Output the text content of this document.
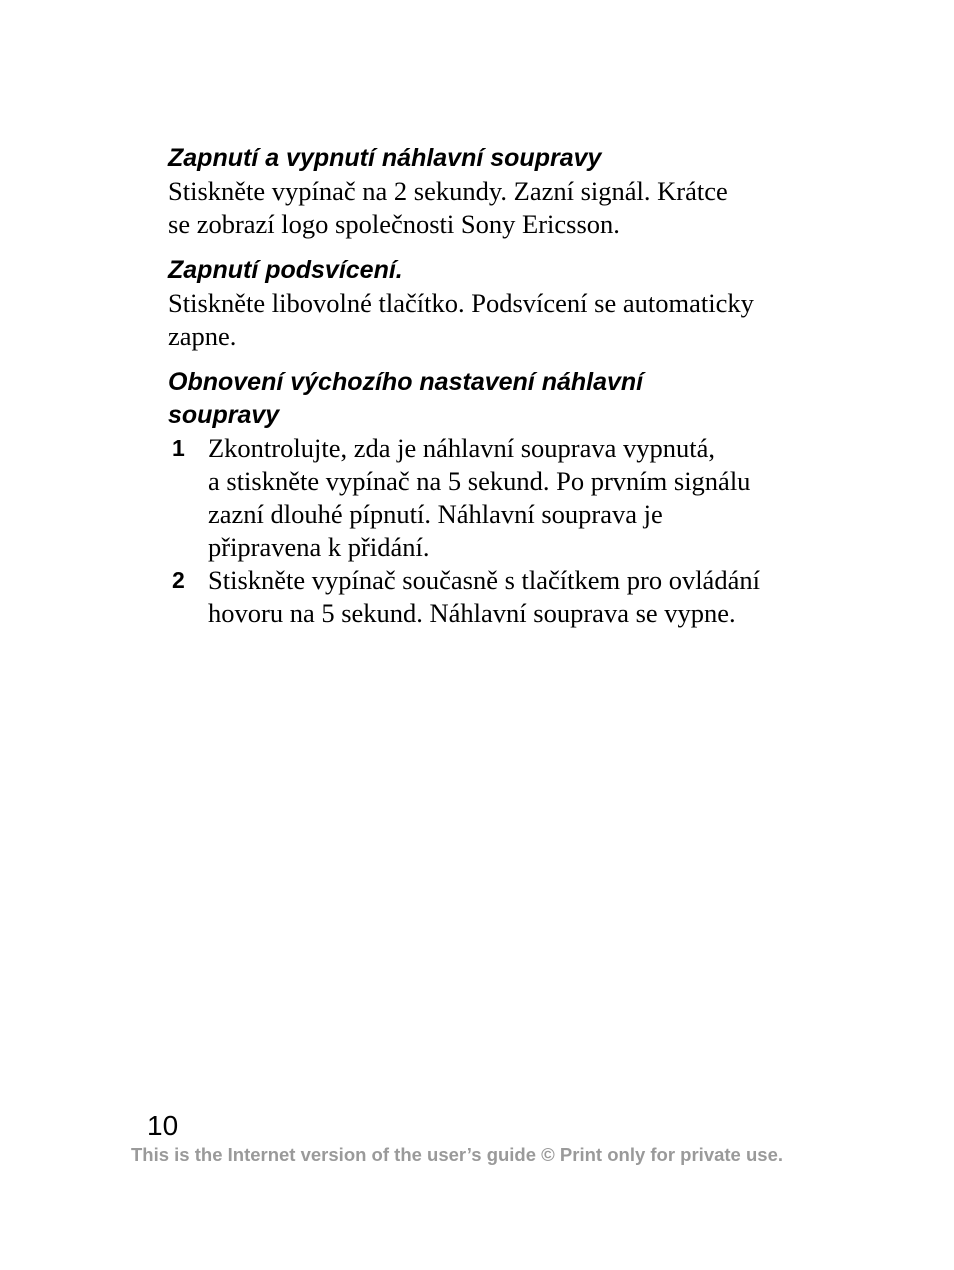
Zapnutí a vypnutí náhlavní soupravy

Stiskněte vypínač na 2 sekundy. Zazní signál. Krátce
se zobrazí logo společnosti Sony Ericsson.

Zapnutí podsvícení.

Stiskněte libovolné tlačítko. Podsvícení se automaticky
zapne.

Obnovení výchozího nastavení náhlavní

soupravy

1 Zkontrolujte, zda je náhlavní souprava vypnutá,
a stiskněte vypínač na 5 sekund. Po prvním signálu
zazní dlouhé pípnutí. Náhlavní souprava je
připravena k přidání.
2 Stiskněte vypínač současně s tlačítkem pro ovládání
hovoru na 5 sekund. Náhlavní souprava se vypne.
10
This is the Internet version of the user’s guide © Print only for private use.
